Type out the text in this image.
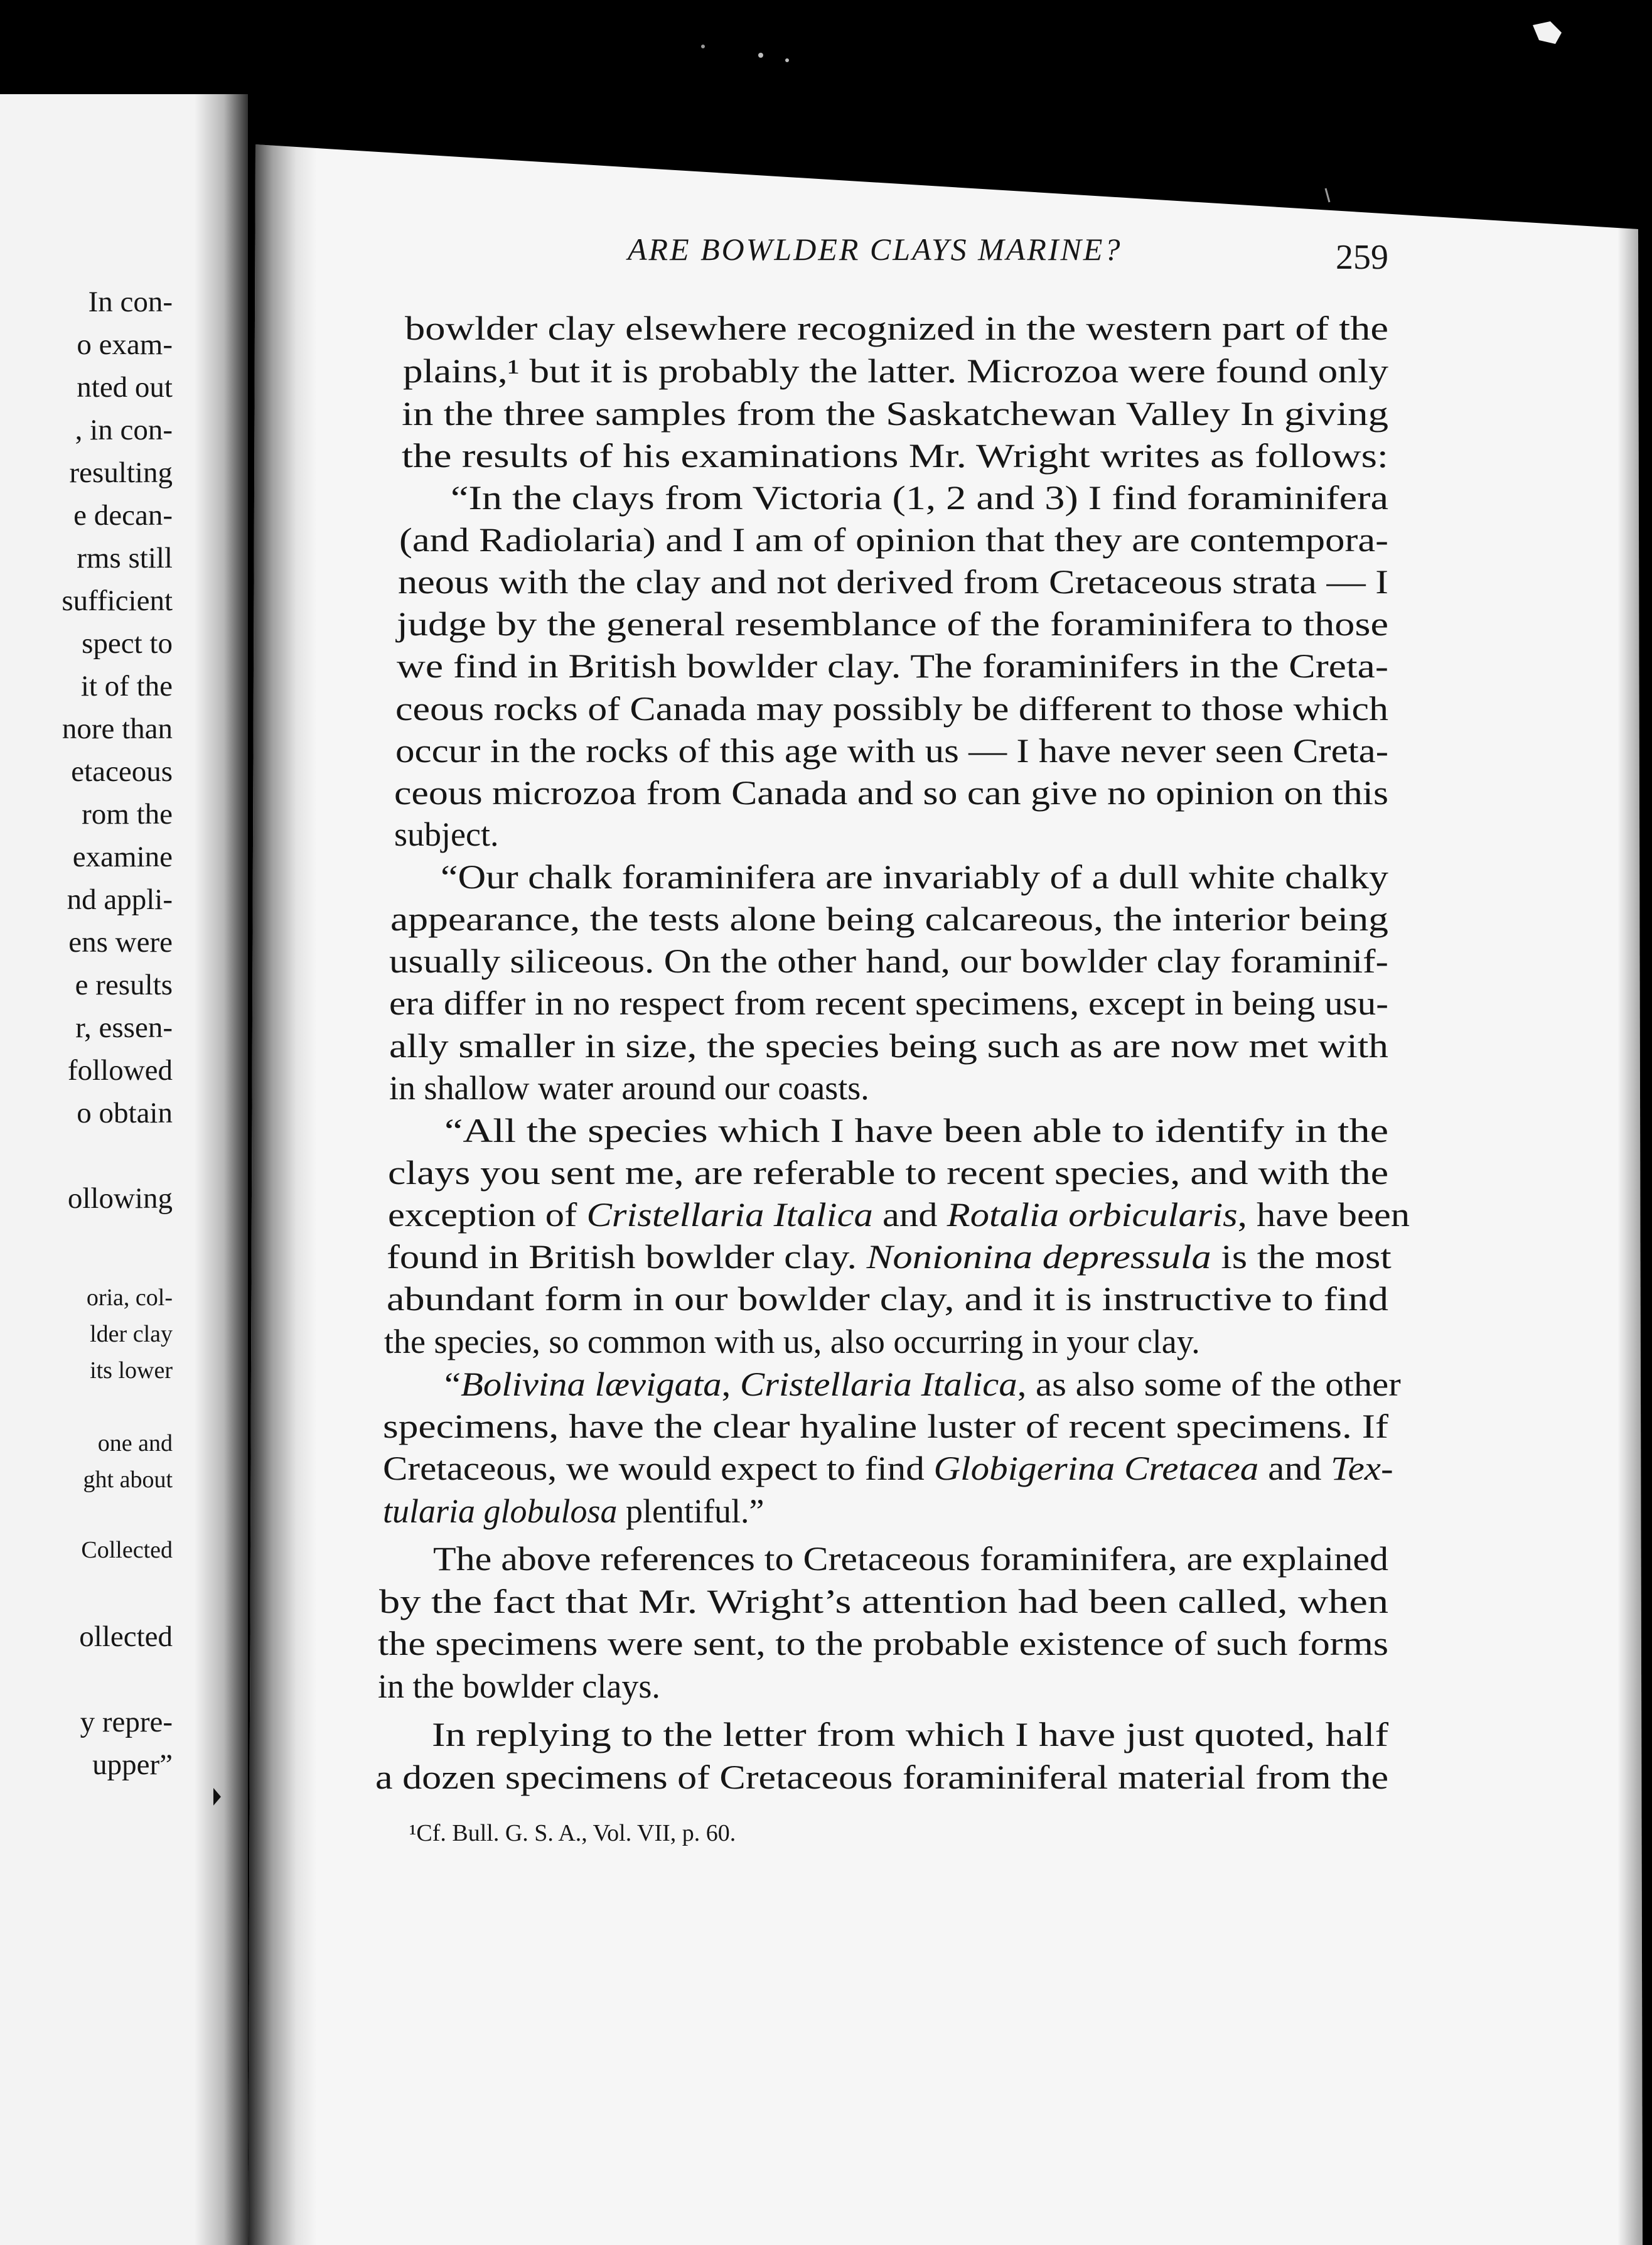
In con-
o exam-
nted out
, in con-
resulting
e decan-
rms still
sufficient
spect to
it of the
nore than
etaceous
rom the
examine
nd appli-
ens were
e results
r, essen-
followed
o obtain
ollowing
oria, col-
lder clay
its lower
one and
ght about
Collected
ollected
y repre-
upper”
ARE BOWLDER CLAYS MARINE?	259
bowlder clay elsewhere recognized in the western part of the
plains,¹ but it is probably the latter. Microzoa were found only
in the three samples from the Saskatchewan Valley In giving
the results of his examinations Mr. Wright writes as follows:
“In the clays from Victoria (1, 2 and 3) I find foraminifera
(and Radiolaria) and I am of opinion that they are contempora-
neous with the clay and not derived from Cretaceous strata — I
judge by the general resemblance of the foraminifera to those
we find in British bowlder clay. The foraminifers in the Creta-
ceous rocks of Canada may possibly be different to those which
occur in the rocks of this age with us — I have never seen Creta-
ceous microzoa from Canada and so can give no opinion on this
subject.
“Our chalk foraminifera are invariably of a dull white chalky
appearance, the tests alone being calcareous, the interior being
usually siliceous. On the other hand, our bowlder clay foraminif-
era differ in no respect from recent specimens, except in being usu-
ally smaller in size, the species being such as are now met with
in shallow water around our coasts.
“All the species which I have been able to identify in the
clays you sent me, are referable to recent species, and with the
exception of Cristellaria Italica and Rotalia orbicularis, have been
found in British bowlder clay. Nonionina depressula is the most
abundant form in our bowlder clay, and it is instructive to find
the species, so common with us, also occurring in your clay.
“Bolivina lævigata, Cristellaria Italica, as also some of the other
specimens, have the clear hyaline luster of recent specimens. If
Cretaceous, we would expect to find Globigerina Cretacea and Tex-
tularia globulosa plentiful.”
The above references to Cretaceous foraminifera, are explained
by the fact that Mr. Wright’s attention had been called, when
the specimens were sent, to the probable existence of such forms
in the bowlder clays.
In replying to the letter from which I have just quoted, half
a dozen specimens of Cretaceous foraminiferal material from the
¹Cf. Bull. G. S. A., Vol. VII, p. 60.
